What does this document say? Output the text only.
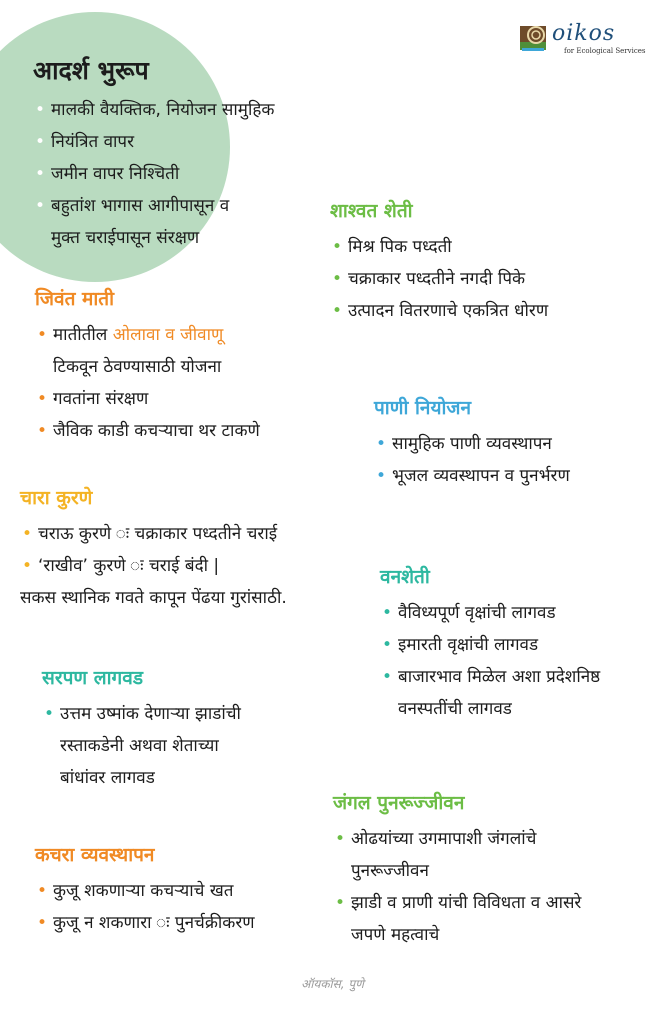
oikos
for Ecological Services
आदर्श भुरूप
• मालकी वैयक्तिक, नियोजन सामुहिक
• नियंत्रित वापर
• जमीन वापर निश्चिती
• बहुतांश भागास आगीपासून व
मुक्त चराईपासून संरक्षण
शाश्वत शेती
• मिश्र पिक पध्दती
• चक्राकार पध्दतीने नगदी पिके
• उत्पादन वितरणाचे एकत्रित धोरण
जिवंत माती
• मातीतील ओलावा व जीवाणू
टिकवून ठेवण्यासाठी योजना
• गवतांना संरक्षण
• जैविक काडी कचऱ्याचा थर टाकणे
पाणी नियोजन
• सामुहिक पाणी व्यवस्थापन
• भूजल व्यवस्थापन व पुनर्भरण
चारा कुरणे
• चराऊ कुरणे ः चक्राकार पध्दतीने चराई
• ‘राखीव’ कुरणे ः चराई बंदी |
सकस स्थानिक गवते कापून पेंढया गुरांसाठी.
वनशेती
• वैविध्यपूर्ण वृक्षांची लागवड
• इमारती वृक्षांची लागवड
• बाजारभाव मिळेल अशा प्रदेशनिष्ठ
वनस्पतींची लागवड
सरपण लागवड
• उत्तम उष्मांक देणाऱ्या झाडांची
रस्ताकडेनी अथवा शेताच्या
बांधांवर लागवड
जंगल पुनरूज्जीवन
• ओढयांच्या उगमापाशी जंगलांचे
पुनरूज्जीवन
• झाडी व प्राणी यांची विविधता व आसरे
जपणे महत्वाचे
कचरा व्यवस्थापन
• कुजू शकणाऱ्या कचऱ्याचे खत
• कुजू न शकणारा ः पुनर्चक्रीकरण
ऑयकॉस, पुणे
